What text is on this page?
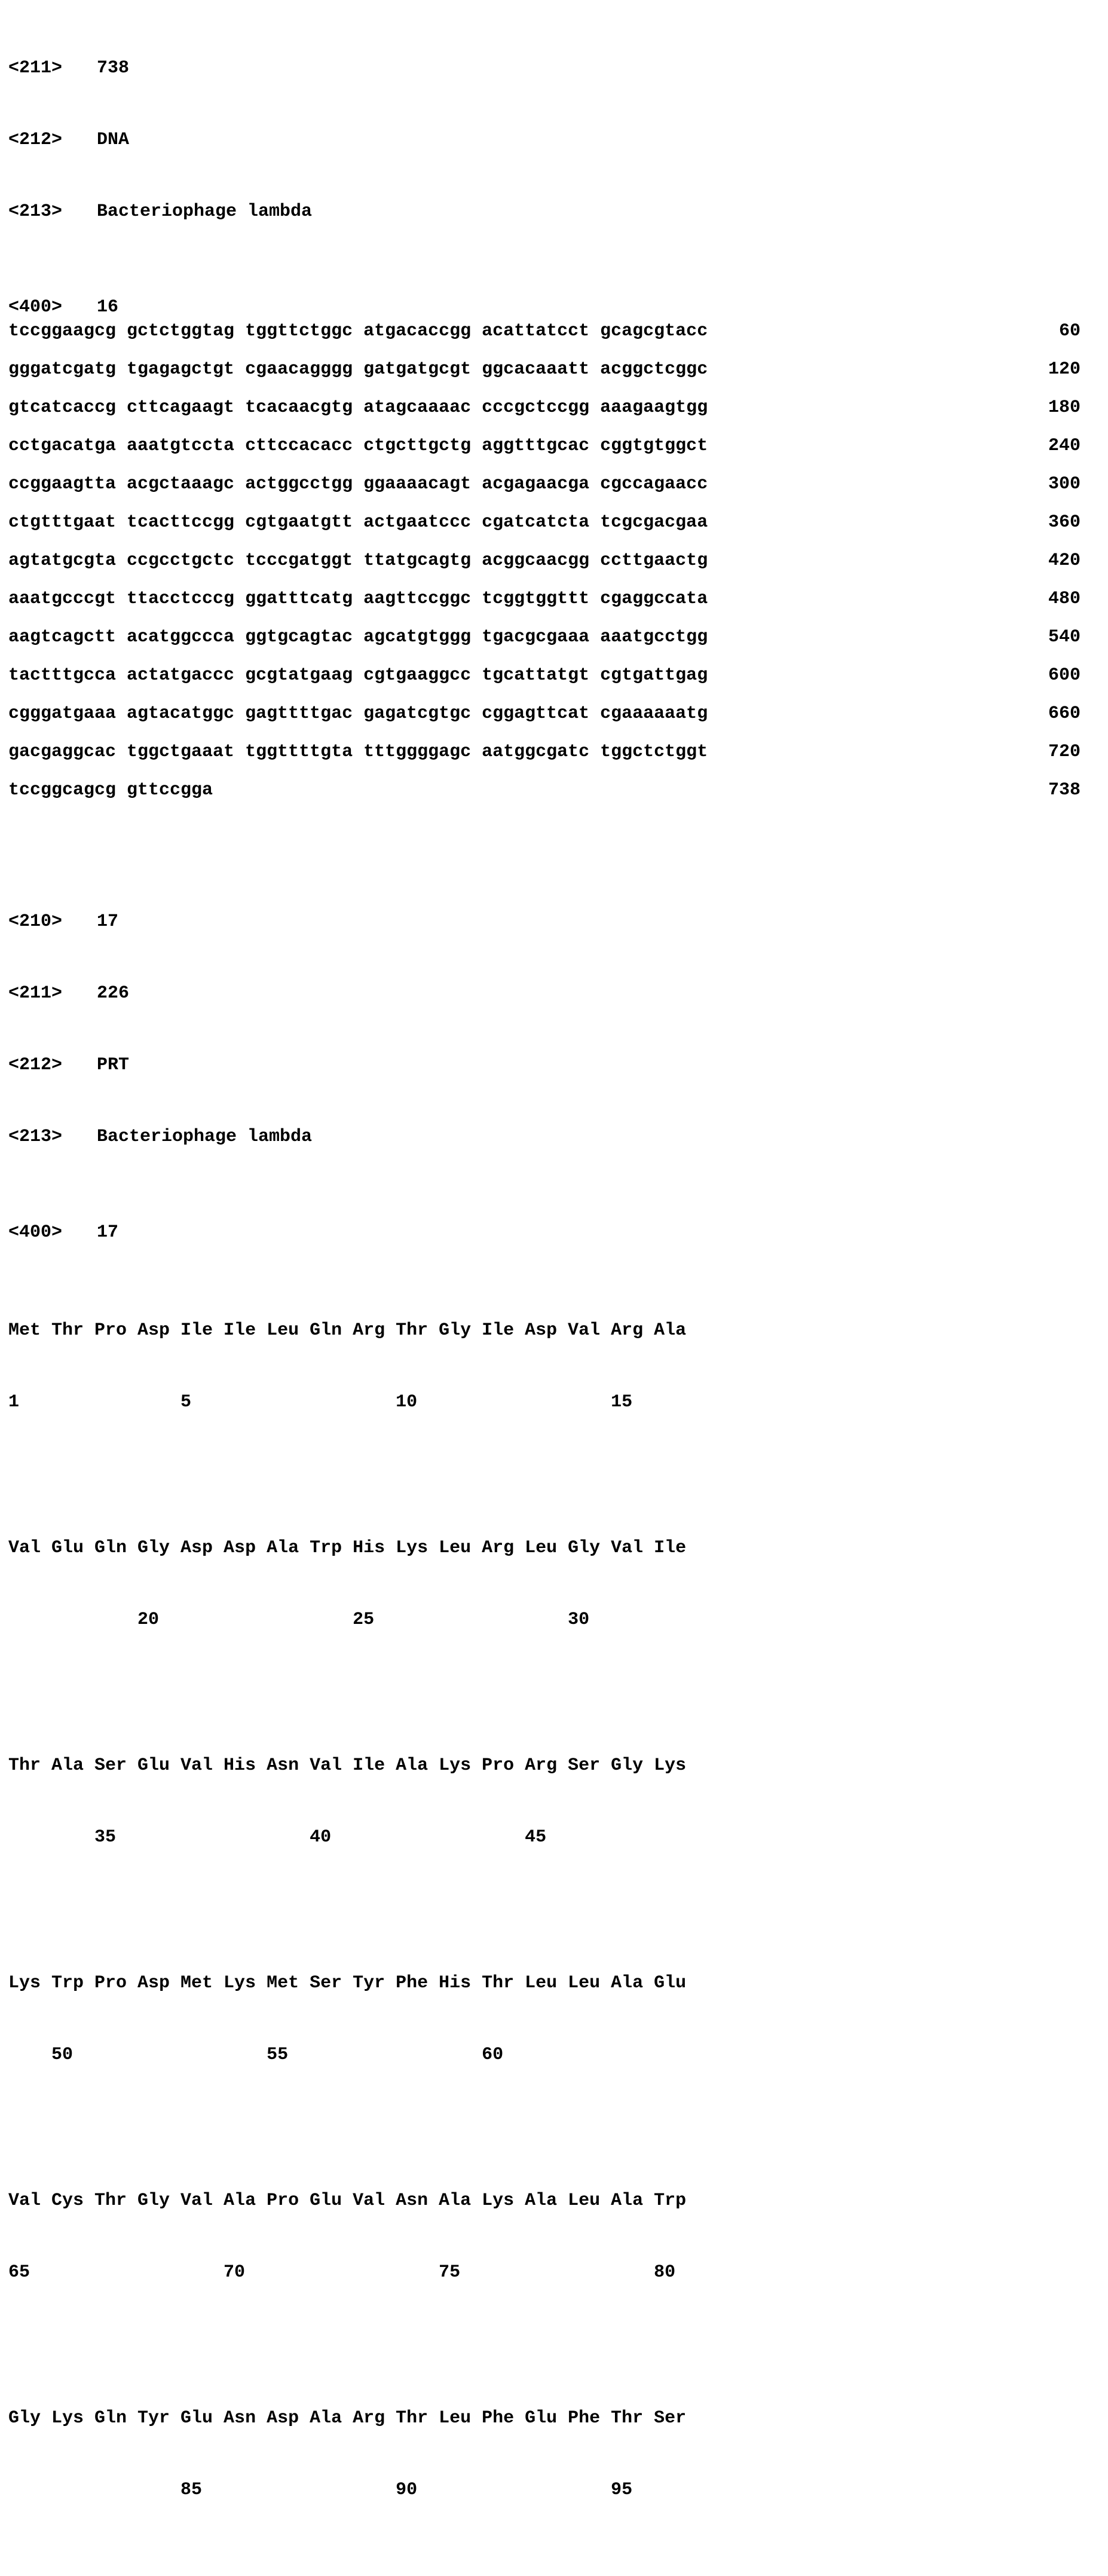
<211>	738

<212>	DNA

<213>	Bacteriophage lambda

<400>	16
tccggaagcg gctctggtag tggttctggc atgacaccgg acattatcct gcagcgtacc	60
gggatcgatg tgagagctgt cgaacagggg gatgatgcgt ggcacaaatt acggctcggc	120
gtcatcaccg cttcagaagt tcacaacgtg atagcaaaac cccgctccgg aaagaagtgg	180
cctgacatga aaatgtccta cttccacacc ctgcttgctg aggtttgcac cggtgtggct	240
ccggaagtta acgctaaagc actggcctgg ggaaaacagt acgagaacga cgccagaacc	300
ctgtttgaat tcacttccgg cgtgaatgtt actgaatccc cgatcatcta tcgcgacgaa	360
agtatgcgta ccgcctgctc tcccgatggt ttatgcagtg acggcaacgg ccttgaactg	420
aaatgcccgt ttacctcccg ggatttcatg aagttccggc tcggtggttt cgaggccata	480
aagtcagctt acatggccca ggtgcagtac agcatgtggg tgacgcgaaa aaatgcctgg	540
tactttgcca actatgaccc gcgtatgaag cgtgaaggcc tgcattatgt cgtgattgag	600
cgggatgaaa agtacatggc gagttttgac gagatcgtgc cggagttcat cgaaaaaatg	660
gacgaggcac tggctgaaat tggttttgta tttggggagc aatggcgatc tggctctggt	720
tccggcagcg gttccgga	738

<210>	17

<211>	226

<212>	PRT

<213>	Bacteriophage lambda

<400>	17

Met Thr Pro Asp Ile Ile Leu Gln Arg Thr Gly Ile Asp Val Arg Ala

1               5                   10                  15

Val Glu Gln Gly Asp Asp Ala Trp His Lys Leu Arg Leu Gly Val Ile

20                  25                  30

Thr Ala Ser Glu Val His Asn Val Ile Ala Lys Pro Arg Ser Gly Lys

35                  40                  45

Lys Trp Pro Asp Met Lys Met Ser Tyr Phe His Thr Leu Leu Ala Glu

50                  55                  60

Val Cys Thr Gly Val Ala Pro Glu Val Asn Ala Lys Ala Leu Ala Trp

65                  70                  75                  80

Gly Lys Gln Tyr Glu Asn Asp Ala Arg Thr Leu Phe Glu Phe Thr Ser

85                  90                  95
